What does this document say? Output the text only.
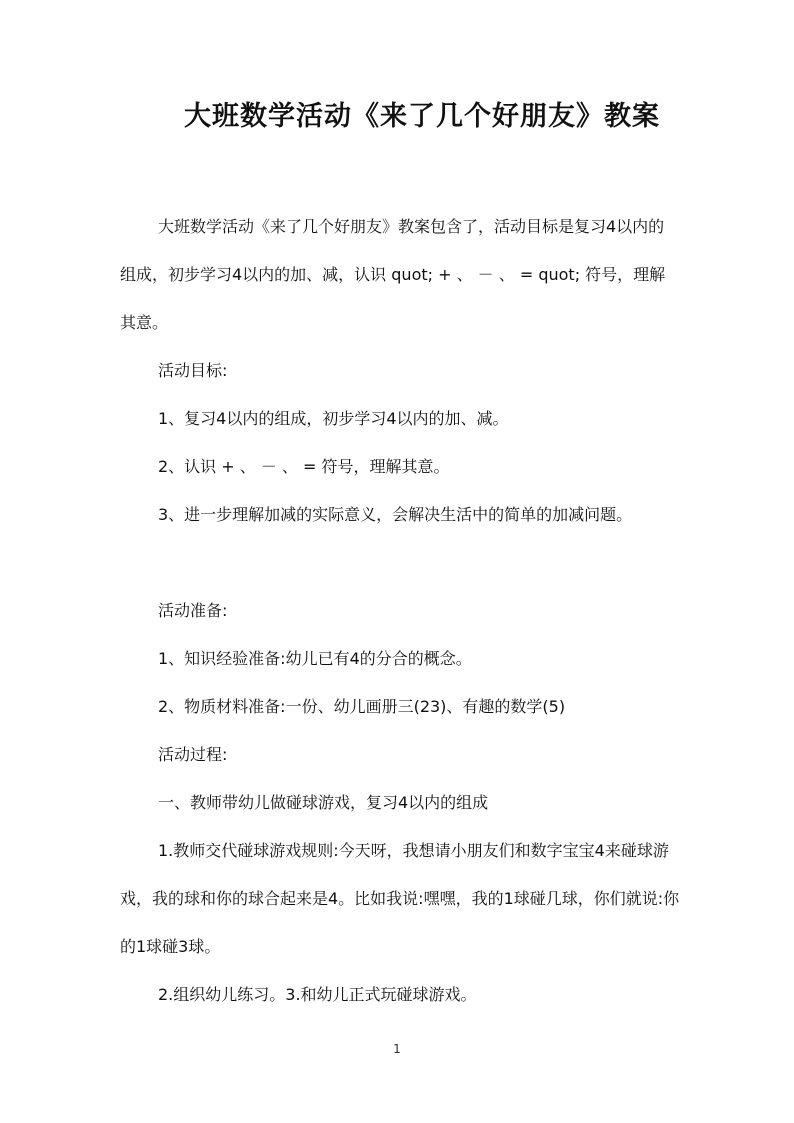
大班数学活动《来了几个好朋友》教案

大班数学活动《来了几个好朋友》教案包含了，活动目标是复习4以内的组成，初步学习4以内的加、减，认识 quot; + 、 － 、 = quot; 符号，理解其意。

活动目标:

1、复习4以内的组成，初步学习4以内的加、减。

2、认识 + 、 － 、 = 符号，理解其意。

3、进一步理解加减的实际意义，会解决生活中的简单的加减问题。

活动准备:

1、知识经验准备:幼儿已有4的分合的概念。

2、物质材料准备:一份、幼儿画册三(23)、有趣的数学(5)

活动过程:

一、教师带幼儿做碰球游戏，复习4以内的组成

1.教师交代碰球游戏规则:今天呀，我想请小朋友们和数字宝宝4来碰球游戏，我的球和你的球合起来是4。比如我说:嘿嘿，我的1球碰几球，你们就说:你的1球碰3球。

2.组织幼儿练习。3.和幼儿正式玩碰球游戏。

1
